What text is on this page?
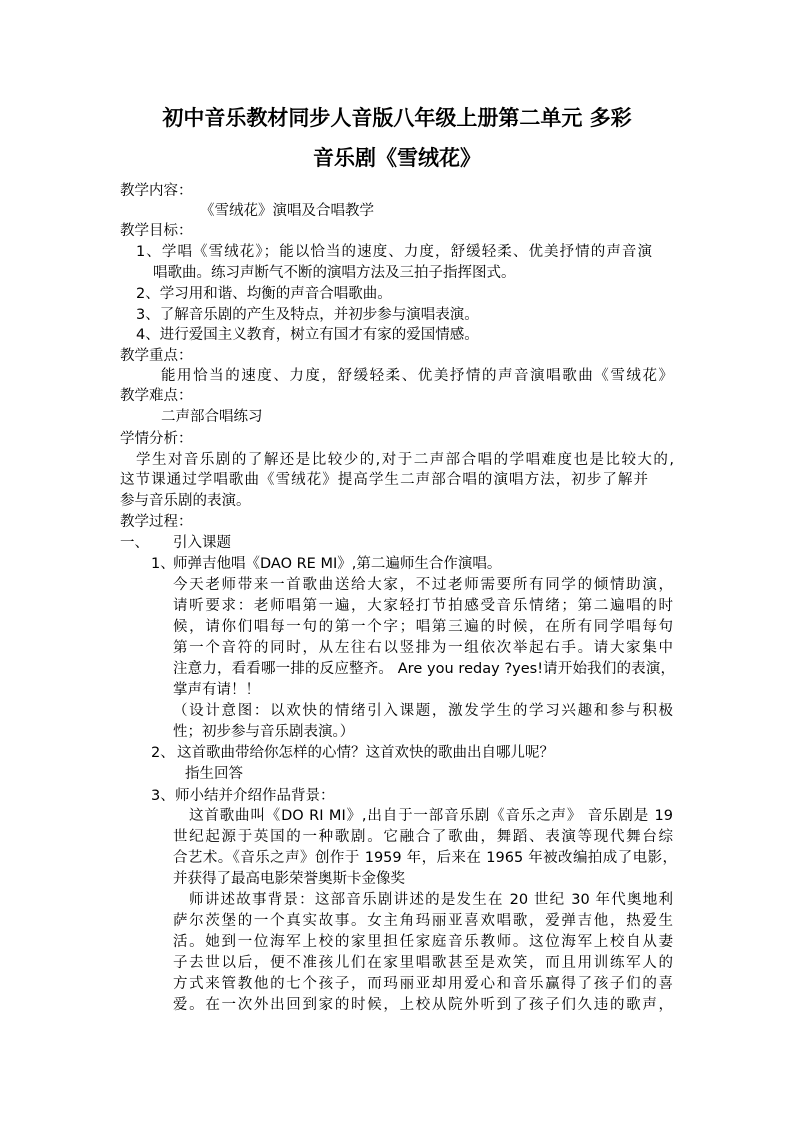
初中音乐教材同步人音版八年级上册第二单元 多彩
音乐剧《雪绒花》
教学内容：
《雪绒花》演唱及合唱教学
教学目标：
1、学唱《雪绒花》；能以恰当的速度、力度，舒缓轻柔、优美抒情的声音演
唱歌曲。练习声断气不断的演唱方法及三拍子指挥图式。
2、学习用和谐、均衡的声音合唱歌曲。
3、了解音乐剧的产生及特点，并初步参与演唱表演。
4、进行爱国主义教育，树立有国才有家的爱国情感。
教学重点：
能用恰当的速度、力度，舒缓轻柔、优美抒情的声音演唱歌曲《雪绒花》
教学难点：
二声部合唱练习
学情分析：
学生对音乐剧的了解还是比较少的,对于二声部合唱的学唱难度也是比较大的,
这节课通过学唱歌曲《雪绒花》提高学生二声部合唱的演唱方法，初步了解并
参与音乐剧的表演。
教学过程：
一、 引入课题
1、
师弹吉他唱《DAO RE MI》,第二遍师生合作演唱。
今天老师带来一首歌曲送给大家，不过老师需要所有同学的倾情助演，
请听要求：老师唱第一遍，大家轻打节拍感受音乐情绪；第二遍唱的时
候，请你们唱每一句的第一个字；唱第三遍的时候，在所有同学唱每句
第一个音符的同时，从左往右以竖排为一组依次举起右手。请大家集中
注意力，看看哪一排的反应整齐。 Are you reday ?yes!请开始我们的表演，
掌声有请！！
（设计意图：以欢快的情绪引入课题，激发学生的学习兴趣和参与积极
性；初步参与音乐剧表演。）
2、 这首歌曲带给你怎样的心情？这首欢快的歌曲出自哪儿呢？
指生回答
3、 师小结并介绍作品背景：
这首歌曲叫《DO RI MI》,出自于一部音乐剧《音乐之声》 音乐剧是 19
世纪起源于英国的一种歌剧。它融合了歌曲，舞蹈、表演等现代舞台综
合艺术。《音乐之声》创作于 1959 年，后来在 1965 年被改编拍成了电影，
并获得了最高电影荣誉奥斯卡金像奖
师讲述故事背景：这部音乐剧讲述的是发生在 20 世纪 30 年代奥地利
萨尔茨堡的一个真实故事。女主角玛丽亚喜欢唱歌，爱弹吉他，热爱生
活。她到一位海军上校的家里担任家庭音乐教师。这位海军上校自从妻
子去世以后，便不准孩儿们在家里唱歌甚至是欢笑，而且用训练军人的
方式来管教他的七个孩子，而玛丽亚却用爱心和音乐赢得了孩子们的喜
爱。在一次外出回到家的时候，上校从院外听到了孩子们久违的歌声，
